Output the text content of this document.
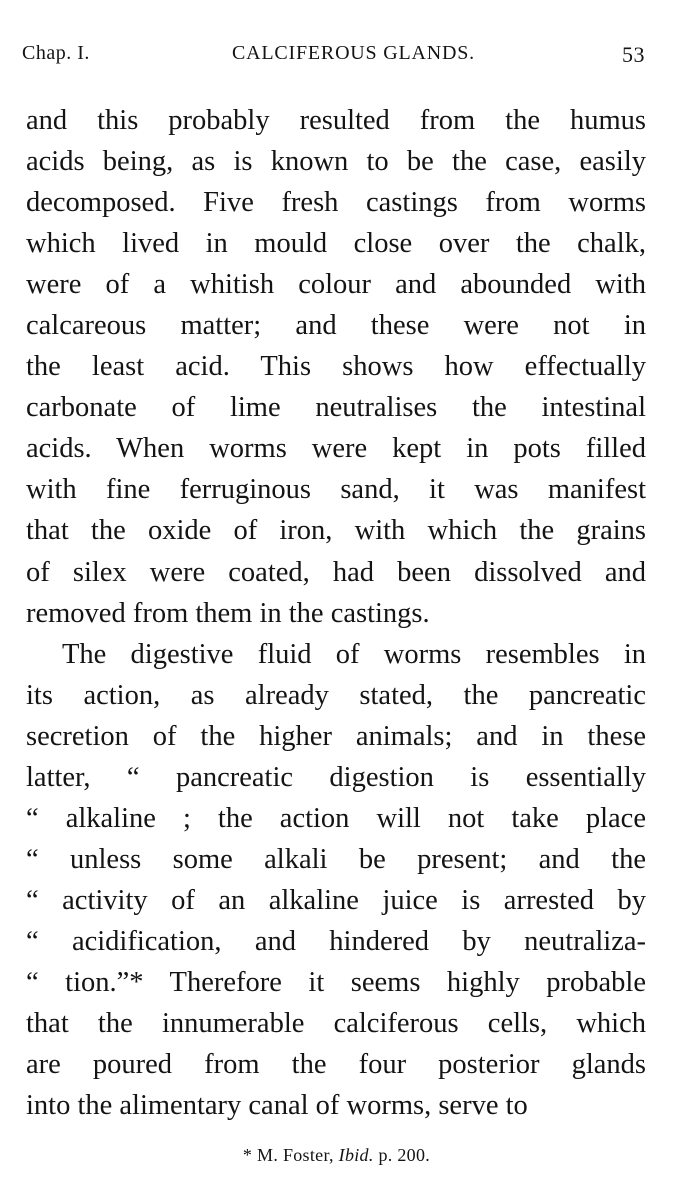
Chap. I.	CALCIFEROUS GLANDS.	53
and this probably resulted from the humus
acids being, as is known to be the case, easily
decomposed. Five fresh castings from worms
which lived in mould close over the chalk,
were of a whitish colour and abounded with
calcareous matter; and these were not in
the least acid. This shows how effectually
carbonate of lime neutralises the intestinal
acids. When worms were kept in pots filled
with fine ferruginous sand, it was manifest
that the oxide of iron, with which the grains
of silex were coated, had been dissolved and
removed from them in the castings.
The digestive fluid of worms resembles in
its action, as already stated, the pancreatic
secretion of the higher animals; and in these
latter, “ pancreatic digestion is essentially
“ alkaline ; the action will not take place
“ unless some alkali be present; and the
“ activity of an alkaline juice is arrested by
“ acidification, and hindered by neutraliza-
“ tion.”* Therefore it seems highly probable
that the innumerable calciferous cells, which
are poured from the four posterior glands
into the alimentary canal of worms, serve to
* M. Foster, Ibid. p. 200.
